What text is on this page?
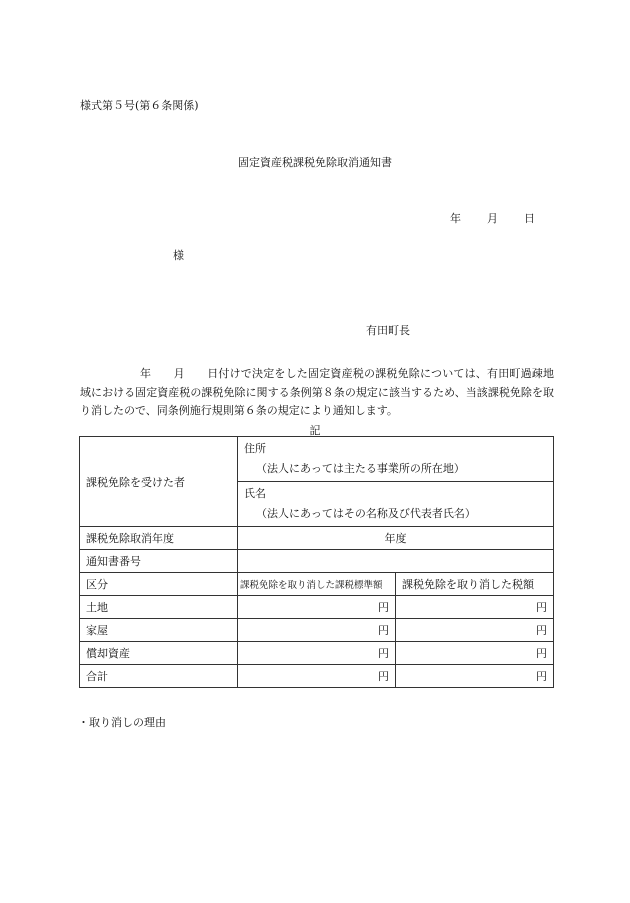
様式第５号(第６条関係)
固定資産税課税免除取消通知書
年 月 日
様
有田町長
年　　月　　日付けで決定をした固定資産税の課税免除については、有田町過疎地域における固定資産税の課税免除に関する条例第８条の規定に該当するため、当該課税免除を取り消したので、同条例施行規則第６条の規定により通知します。
記
課税免除を受けた者	住所
（法人にあっては主たる事業所の所在地）	

	氏名
（法人にあってはその名称及び代表者氏名）	

課税免除取消年度	年度	
通知書番号		
区分	課税免除を取り消した課税標準額	課税免除を取り消した税額
土地	円	円
家屋	円	円
償却資産	円	円
合計	円	円
・取り消しの理由
